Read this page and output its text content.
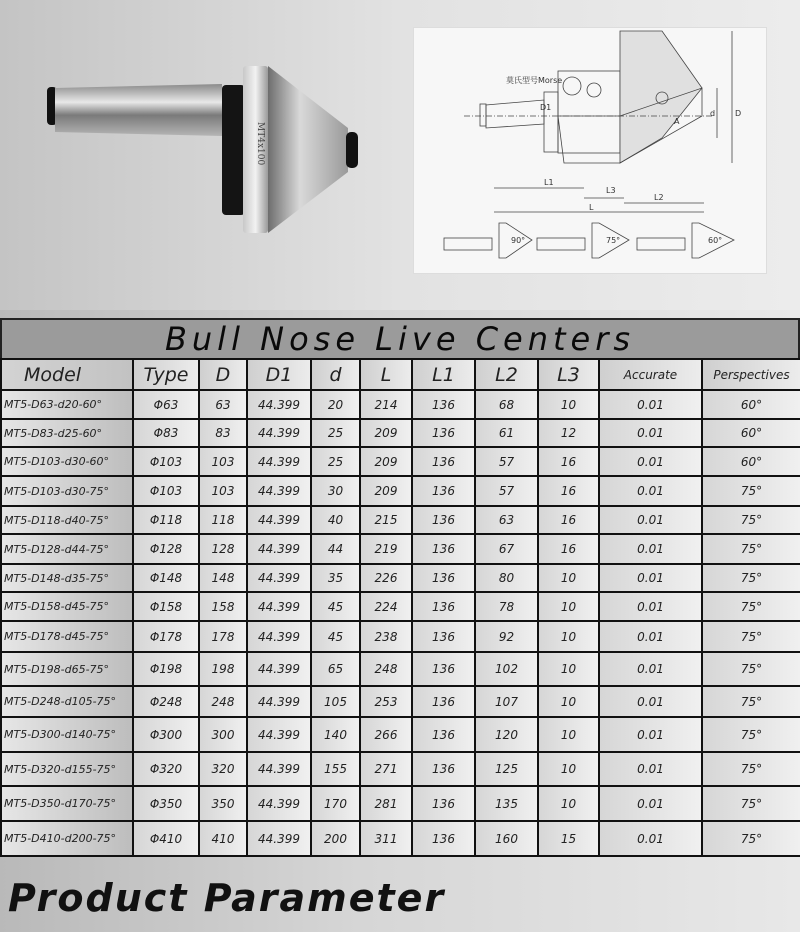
MT4x100
莫氏型号Morse
D1
d D
A
L1
L3
L2
L
90°	75°	60°
Bull Nose Live Centers
Model	Type	D	D1	d	L	L1	L2	L3	Accurate	Perspectives
MT5-D63-d20-60°	Φ63	63	44.399	20	214	136	68	10	0.01	60°
MT5-D83-d25-60°	Φ83	83	44.399	25	209	136	61	12	0.01	60°
MT5-D103-d30-60°	Φ103	103	44.399	25	209	136	57	16	0.01	60°
MT5-D103-d30-75°	Φ103	103	44.399	30	209	136	57	16	0.01	75°
MT5-D118-d40-75°	Φ118	118	44.399	40	215	136	63	16	0.01	75°
MT5-D128-d44-75°	Φ128	128	44.399	44	219	136	67	16	0.01	75°
MT5-D148-d35-75°	Φ148	148	44.399	35	226	136	80	10	0.01	75°
MT5-D158-d45-75°	Φ158	158	44.399	45	224	136	78	10	0.01	75°
MT5-D178-d45-75°	Φ178	178	44.399	45	238	136	92	10	0.01	75°
MT5-D198-d65-75°	Φ198	198	44.399	65	248	136	102	10	0.01	75°
MT5-D248-d105-75°	Φ248	248	44.399	105	253	136	107	10	0.01	75°
MT5-D300-d140-75°	Φ300	300	44.399	140	266	136	120	10	0.01	75°
MT5-D320-d155-75°	Φ320	320	44.399	155	271	136	125	10	0.01	75°
MT5-D350-d170-75°	Φ350	350	44.399	170	281	136	135	10	0.01	75°
MT5-D410-d200-75°	Φ410	410	44.399	200	311	136	160	15	0.01	75°
Product Parameter
